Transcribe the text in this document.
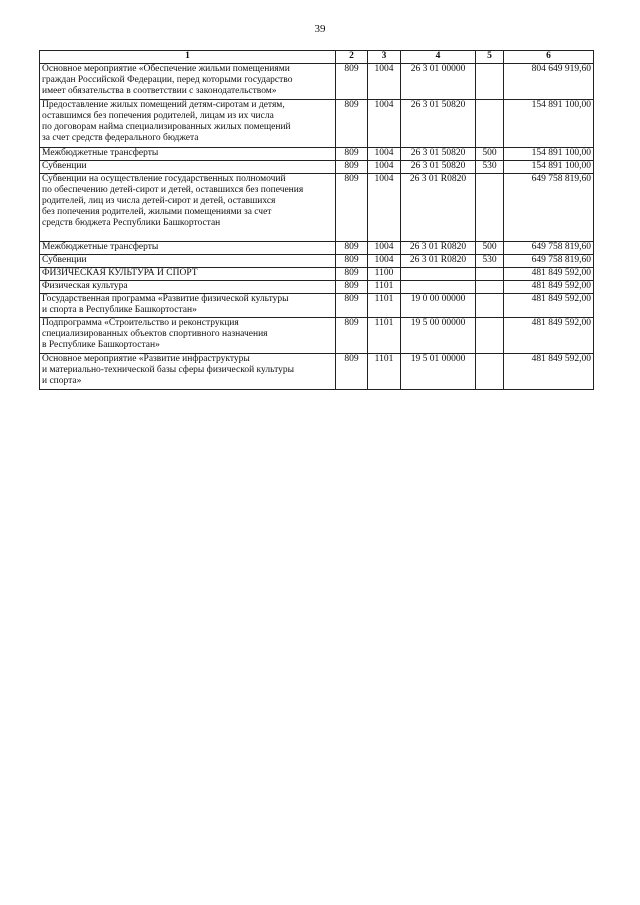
39
1	2	3	4	5	6
Основное мероприятие «Обеспечение жильми помещениями
граждан Российской Федерации, перед которыми государство
имеет обязательства в соответствии с законодательством»	809	1004	26 3 01 00000		804 649 919,60
Предоставление жилых помещений детям-сиротам и детям,
оставшимся без попечения родителей, лицам из их числа
по договорам найма специализированных жилых помещений
за счет средств федерального бюджета	809	1004	26 3 01 50820		154 891 100,00
Межбюджетные трансферты	809	1004	26 3 01 50820	500	154 891 100,00
Субвенции	809	1004	26 3 01 50820	530	154 891 100,00
Субвенции на осуществление государственных полномочий
по обеспечению детей-сирот и детей, оставшихся без попечения
родителей, лиц из числа детей-сирот и детей, оставшихся
без попечения родителей, жилыми помещениями за счет
средств бюджета Республики Башкортостан	809	1004	26 3 01 R0820		649 758 819,60
Межбюджетные трансферты	809	1004	26 3 01 R0820	500	649 758 819,60
Субвенции	809	1004	26 3 01 R0820	530	649 758 819,60
ФИЗИЧЕСКАЯ КУЛЬТУРА И СПОРТ	809	1100			481 849 592,00
Физическая культура	809	1101			481 849 592,00
Государственная программа «Развитие физической культуры
и спорта в Республике Башкортостан»	809	1101	19 0 00 00000		481 849 592,00
Подпрограмма «Строительство и реконструкция
специализированных объектов спортивного назначения
в Республике Башкортостан»	809	1101	19 5 00 00000		481 849 592,00
Основное мероприятие «Развитие инфраструктуры
и материально-технической базы сферы физической культуры
и спорта»	809	1101	19 5 01 00000		481 849 592,00
